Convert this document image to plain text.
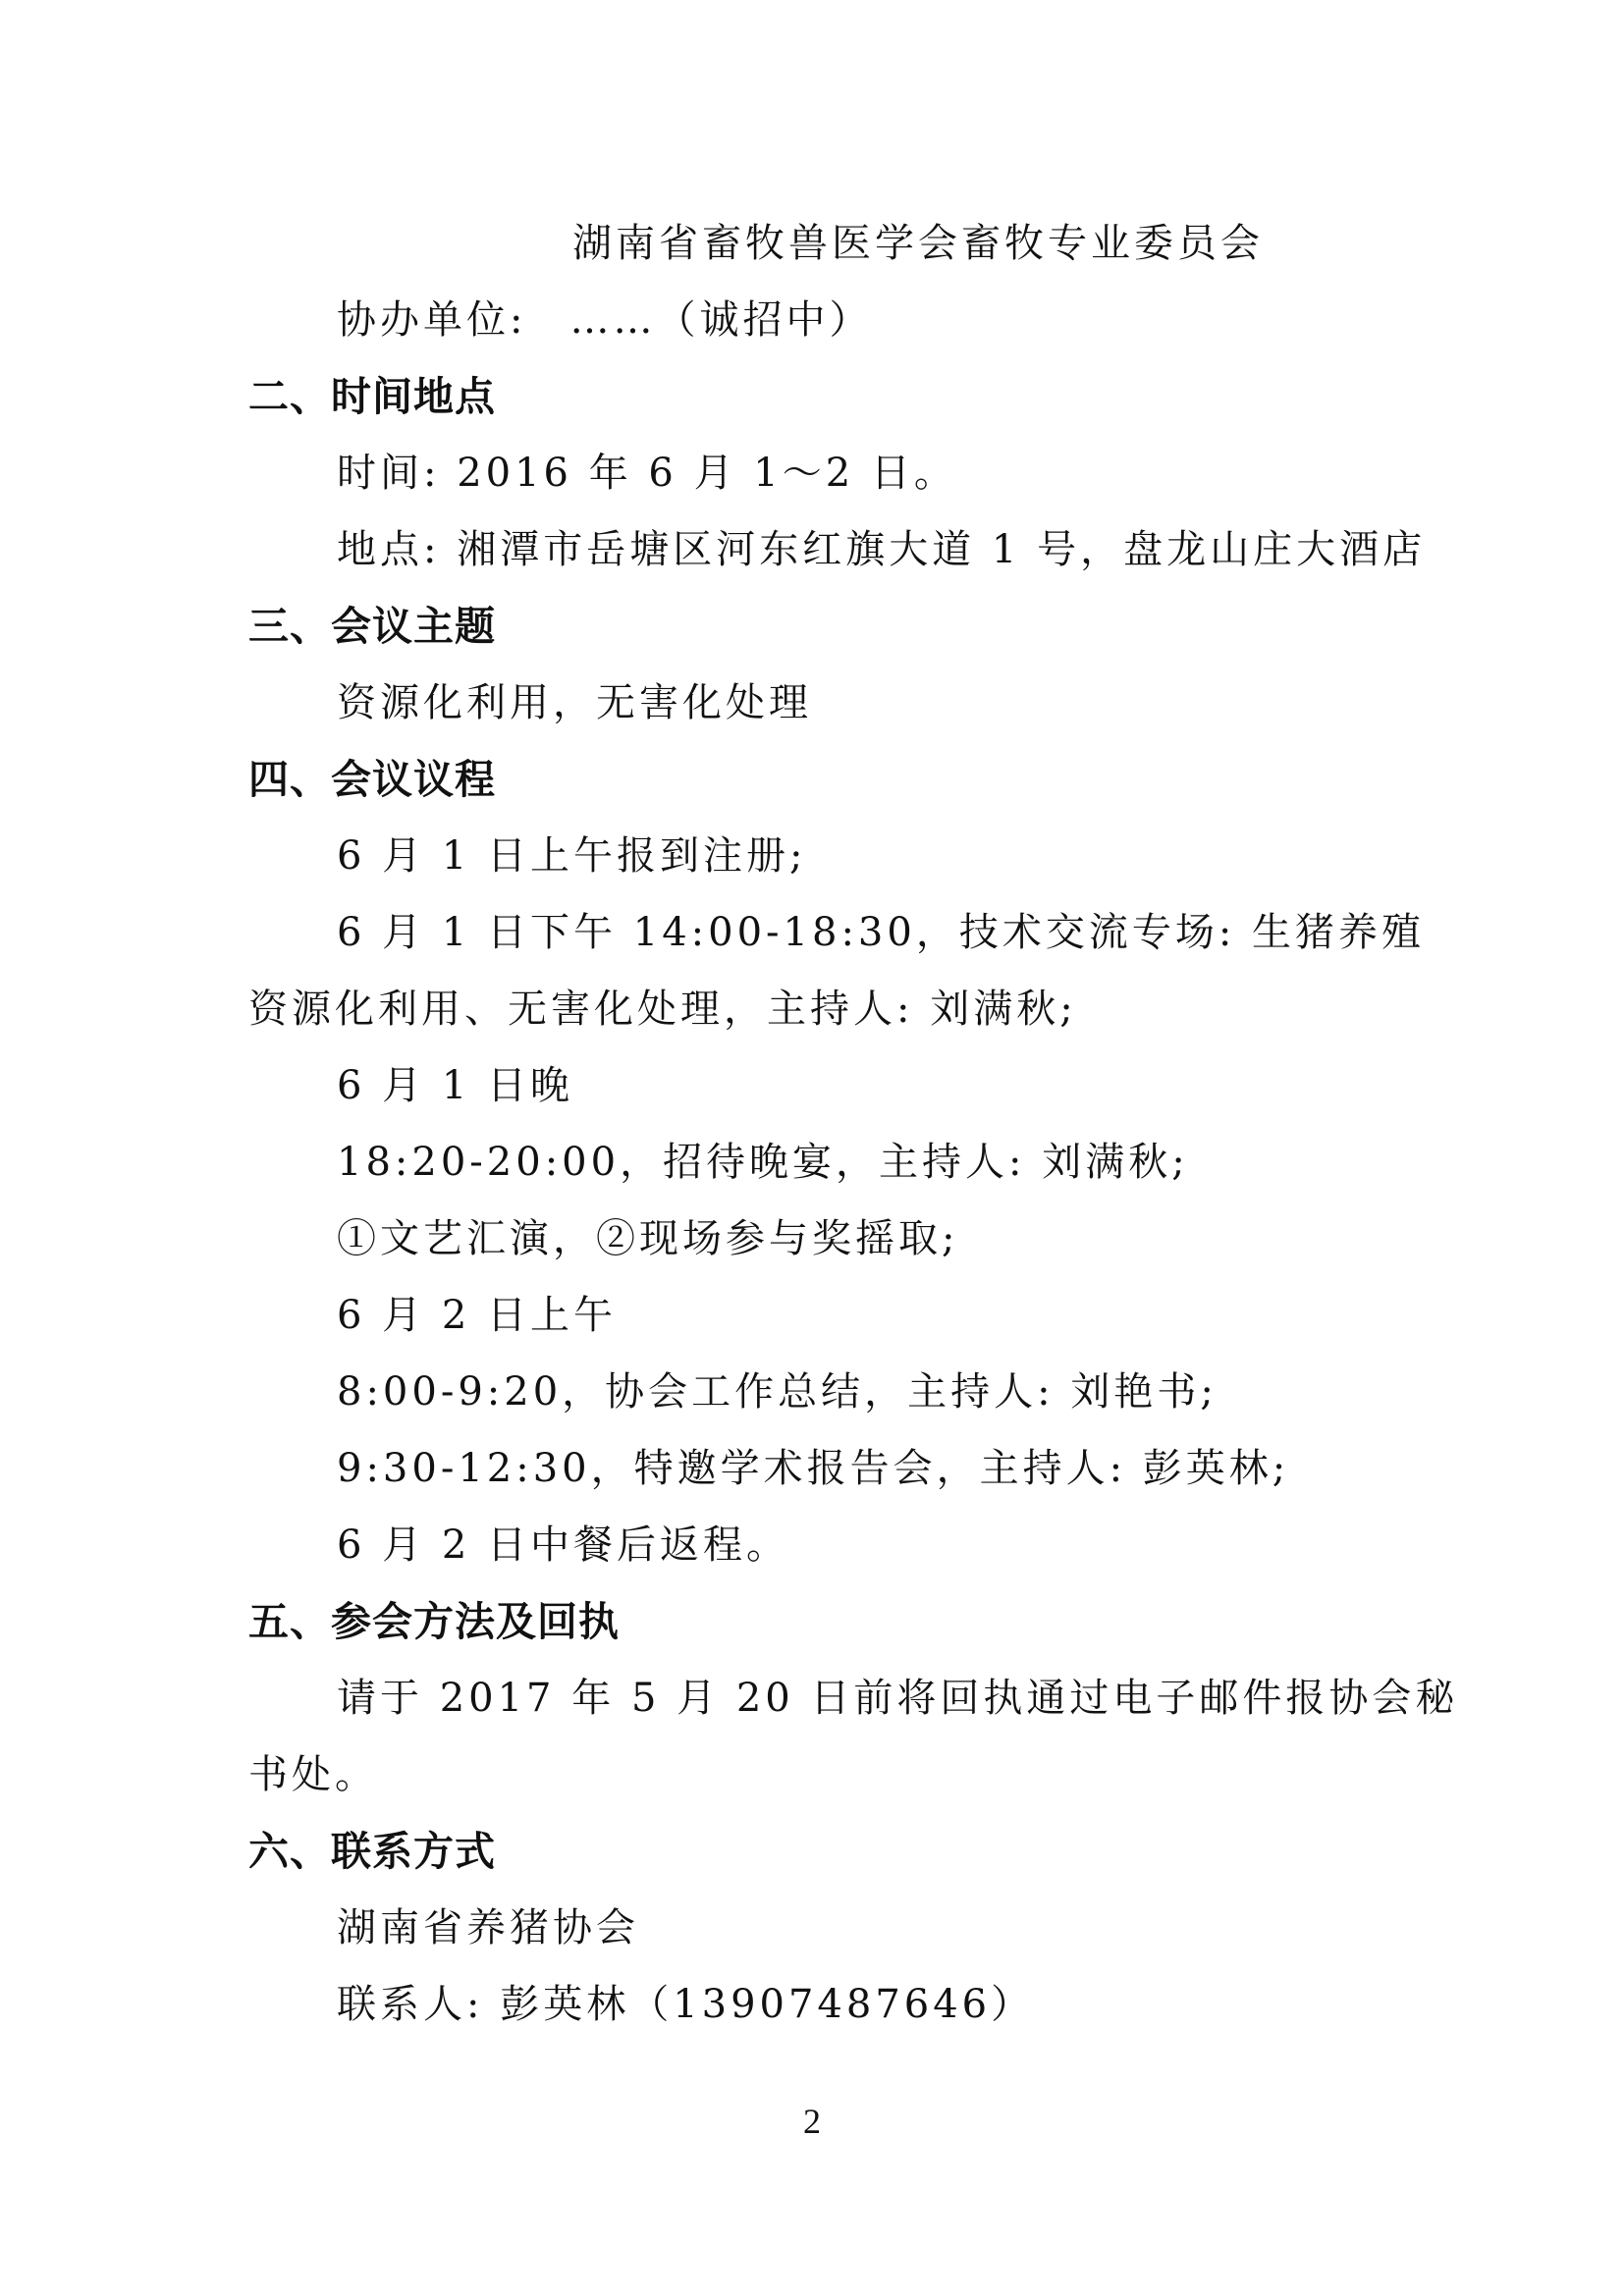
湖南省畜牧兽医学会畜牧专业委员会
协办单位:　……（诚招中）
二、时间地点
时间: 2016 年 6 月 1～2 日。
地点: 湘潭市岳塘区河东红旗大道 1 号，盘龙山庄大酒店
三、会议主题
资源化利用，无害化处理
四、会议议程
6 月 1 日上午报到注册;
6 月 1 日下午 14:00-18:30，技术交流专场: 生猪养殖
资源化利用、无害化处理，主持人: 刘满秋;
6 月 1 日晚
18:20-20:00，招待晚宴，主持人: 刘满秋;
①文艺汇演，②现场参与奖摇取;
6 月 2 日上午
8:00-9:20，协会工作总结，主持人: 刘艳书;
9:30-12:30，特邀学术报告会，主持人: 彭英林;
6 月 2 日中餐后返程。
五、参会方法及回执
请于 2017 年 5 月 20 日前将回执通过电子邮件报协会秘
书处。
六、联系方式
湖南省养猪协会
联系人: 彭英林（13907487646）
2
